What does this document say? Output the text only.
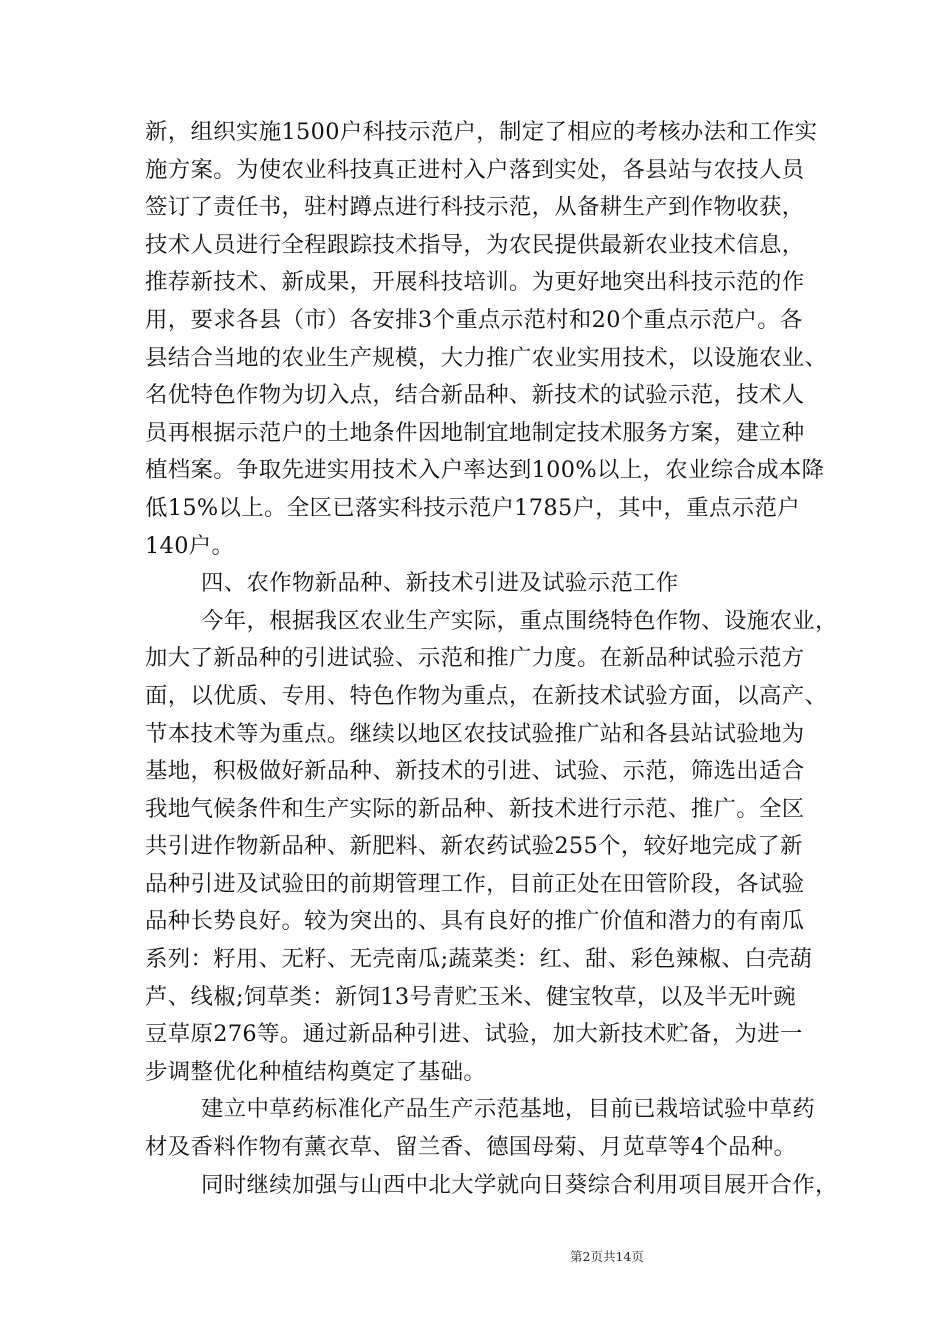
新，组织实施1500户科技示范户，制定了相应的考核办法和工作实
施方案。为使农业科技真正进村入户落到实处，各县站与农技人员
签订了责任书，驻村蹲点进行科技示范，从备耕生产到作物收获，
技术人员进行全程跟踪技术指导，为农民提供最新农业技术信息，
推荐新技术、新成果，开展科技培训。为更好地突出科技示范的作
用，要求各县（市）各安排3个重点示范村和20个重点示范户。各
县结合当地的农业生产规模，大力推广农业实用技术，以设施农业、
名优特色作物为切入点，结合新品种、新技术的试验示范，技术人
员再根据示范户的土地条件因地制宜地制定技术服务方案，建立种
植档案。争取先进实用技术入户率达到100%以上，农业综合成本降
低15%以上。全区已落实科技示范户1785户，其中，重点示范户
140户。
四、农作物新品种、新技术引进及试验示范工作
今年，根据我区农业生产实际，重点围绕特色作物、设施农业，
加大了新品种的引进试验、示范和推广力度。在新品种试验示范方
面，以优质、专用、特色作物为重点，在新技术试验方面，以高产、
节本技术等为重点。继续以地区农技试验推广站和各县站试验地为
基地，积极做好新品种、新技术的引进、试验、示范，筛选出适合
我地气候条件和生产实际的新品种、新技术进行示范、推广。全区
共引进作物新品种、新肥料、新农药试验255个，较好地完成了新
品种引进及试验田的前期管理工作，目前正处在田管阶段，各试验
品种长势良好。较为突出的、具有良好的推广价值和潜力的有南瓜
系列：籽用、无籽、无壳南瓜;蔬菜类：红、甜、彩色辣椒、白壳葫
芦、线椒;饲草类：新饲13号青贮玉米、健宝牧草，以及半无叶豌
豆草原276等。通过新品种引进、试验，加大新技术贮备，为进一
步调整优化种植结构奠定了基础。
建立中草药标准化产品生产示范基地，目前已栽培试验中草药
材及香料作物有薰衣草、留兰香、德国母菊、月苋草等4个品种。
同时继续加强与山西中北大学就向日葵综合利用项目展开合作，
第2页共14页
